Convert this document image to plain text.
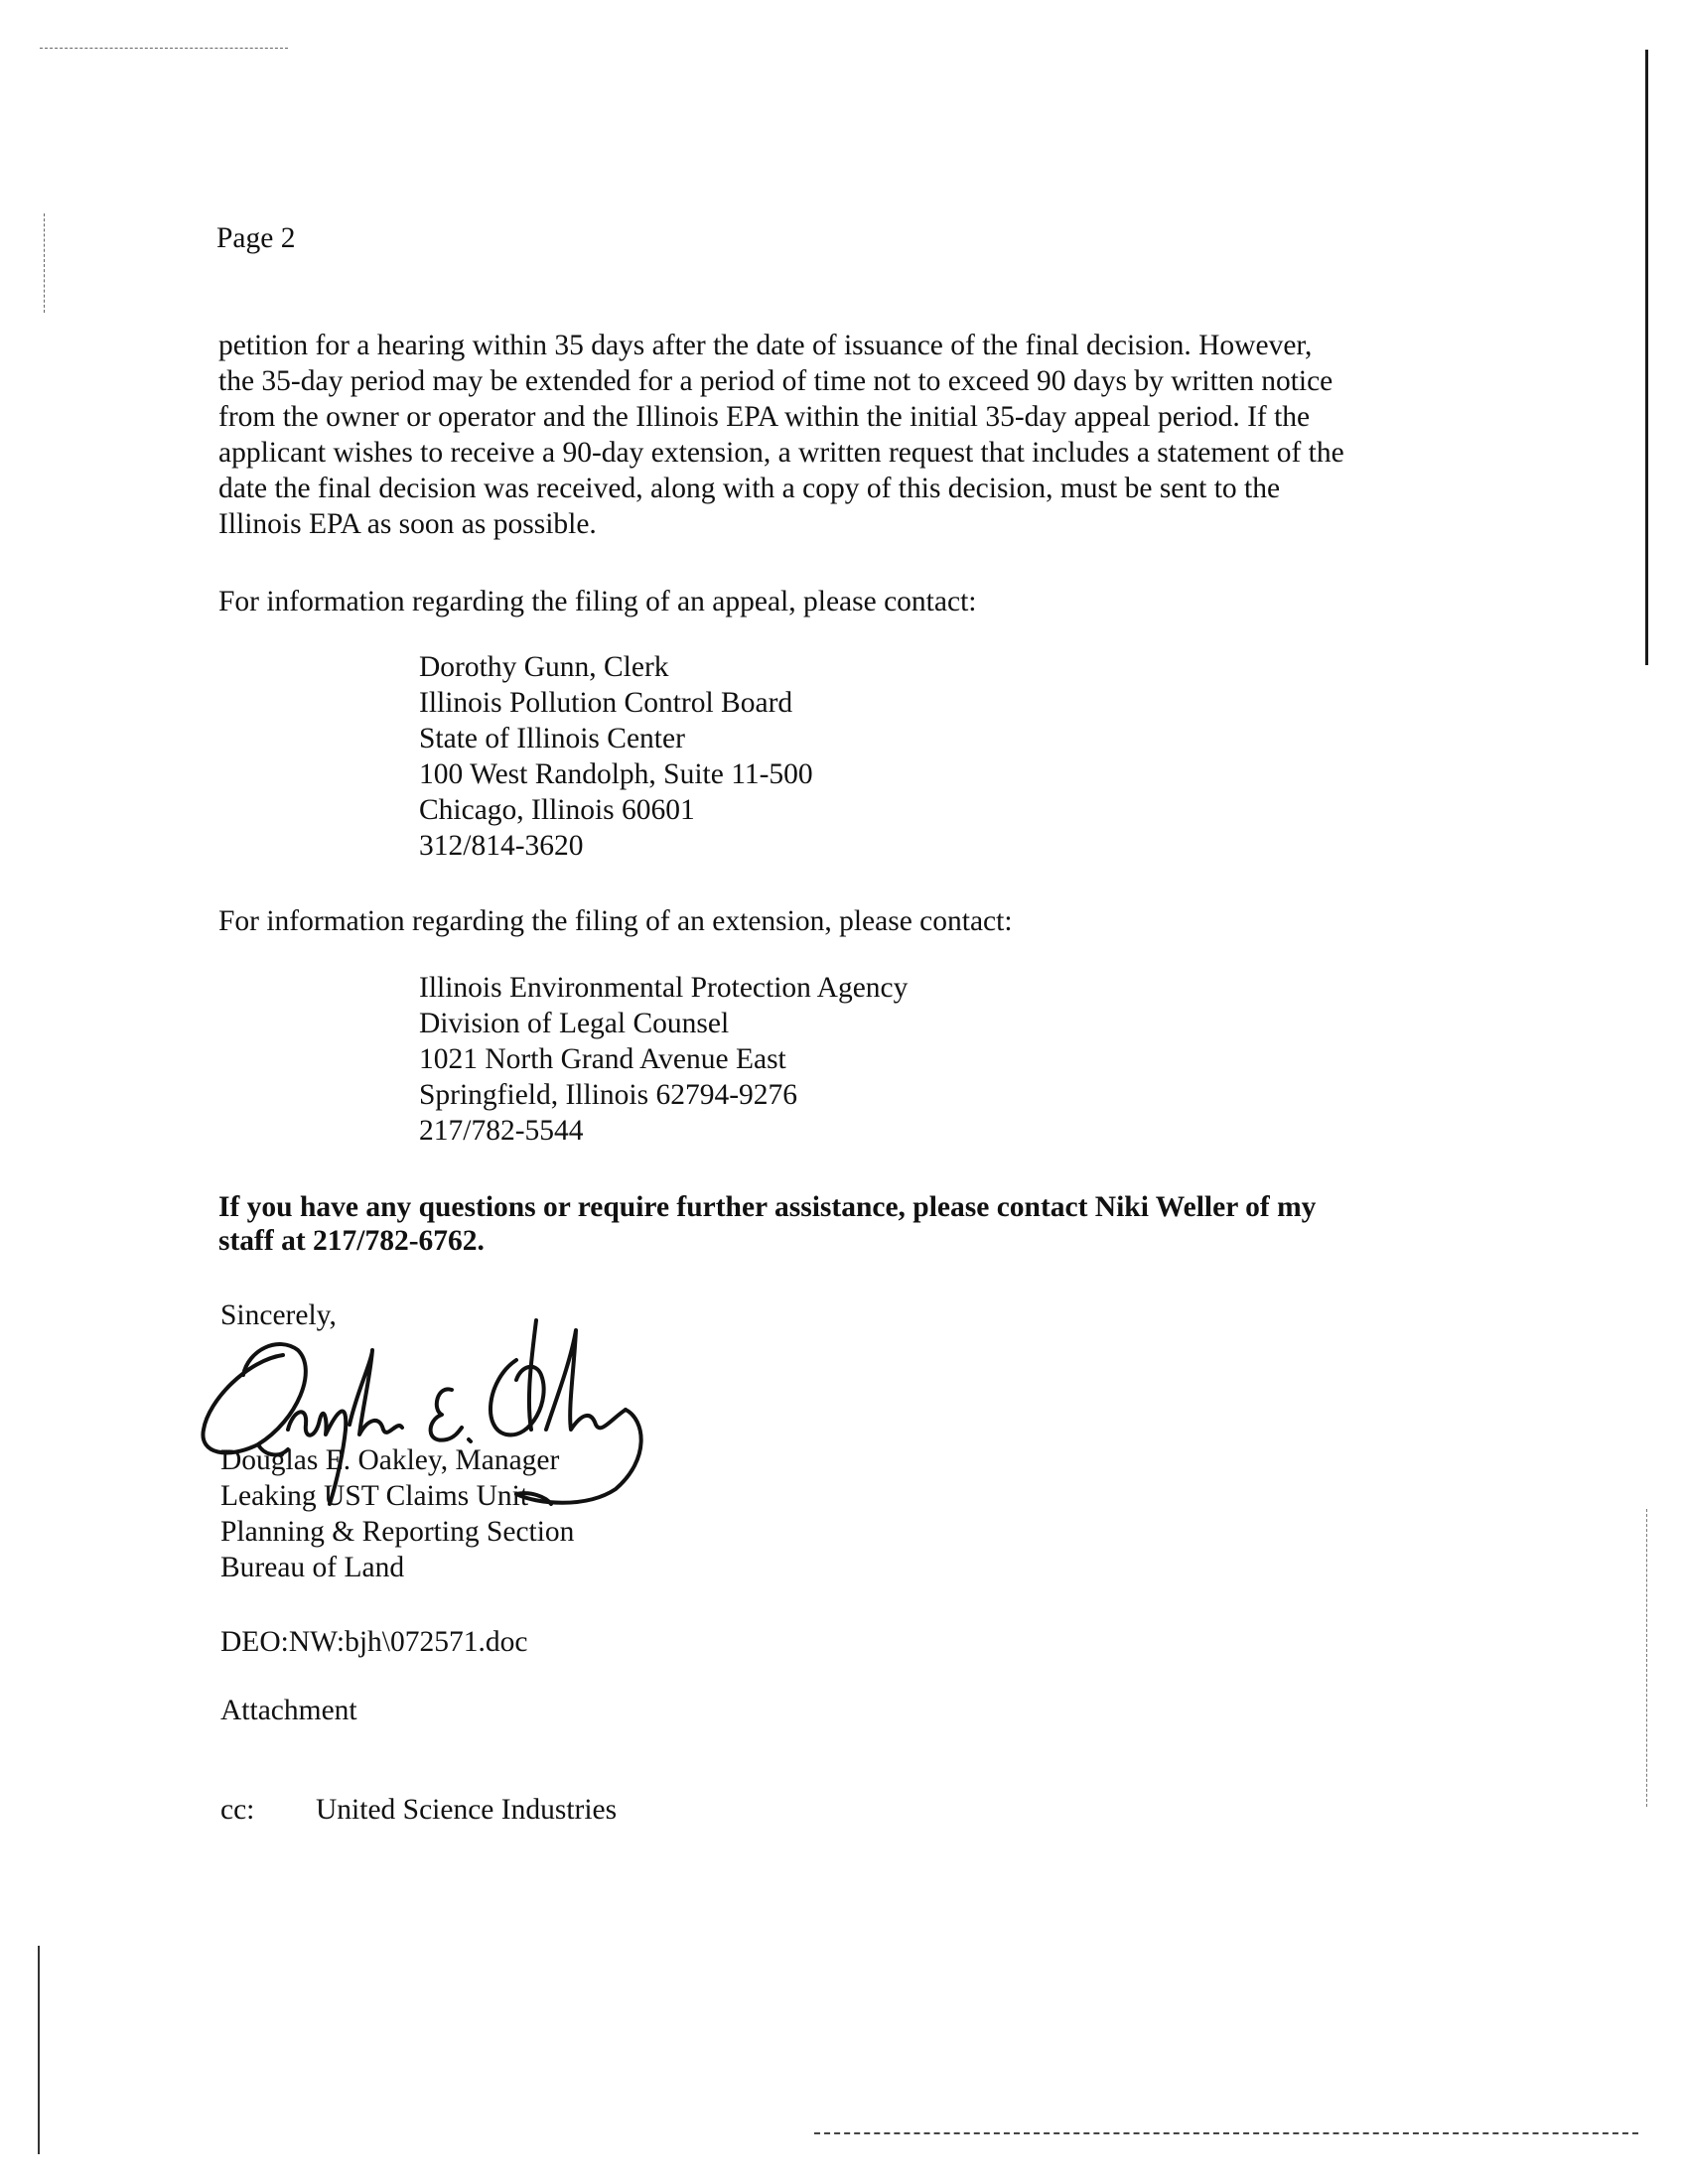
Page 2

petition for a hearing within 35 days after the date of issuance of the final decision. However,
the 35-day period may be extended for a period of time not to exceed 90 days by written notice
from the owner or operator and the Illinois EPA within the initial 35-day appeal period. If the
applicant wishes to receive a 90-day extension, a written request that includes a statement of the
date the final decision was received, along with a copy of this decision, must be sent to the
Illinois EPA as soon as possible.

For information regarding the filing of an appeal, please contact:

Dorothy Gunn, Clerk
Illinois Pollution Control Board
State of Illinois Center
100 West Randolph, Suite 11-500
Chicago, Illinois 60601
312/814-3620

For information regarding the filing of an extension, please contact:

Illinois Environmental Protection Agency
Division of Legal Counsel
1021 North Grand Avenue East
Springfield, Illinois 62794-9276
217/782-5544

If you have any questions or require further assistance, please contact Niki Weller of my
staff at 217/782-6762.

Sincerely,

Douglas E. Oakley, Manager
Leaking UST Claims Unit
Planning & Reporting Section
Bureau of Land

DEO:NW:bjh\072571.doc

Attachment

cc: United Science Industries
